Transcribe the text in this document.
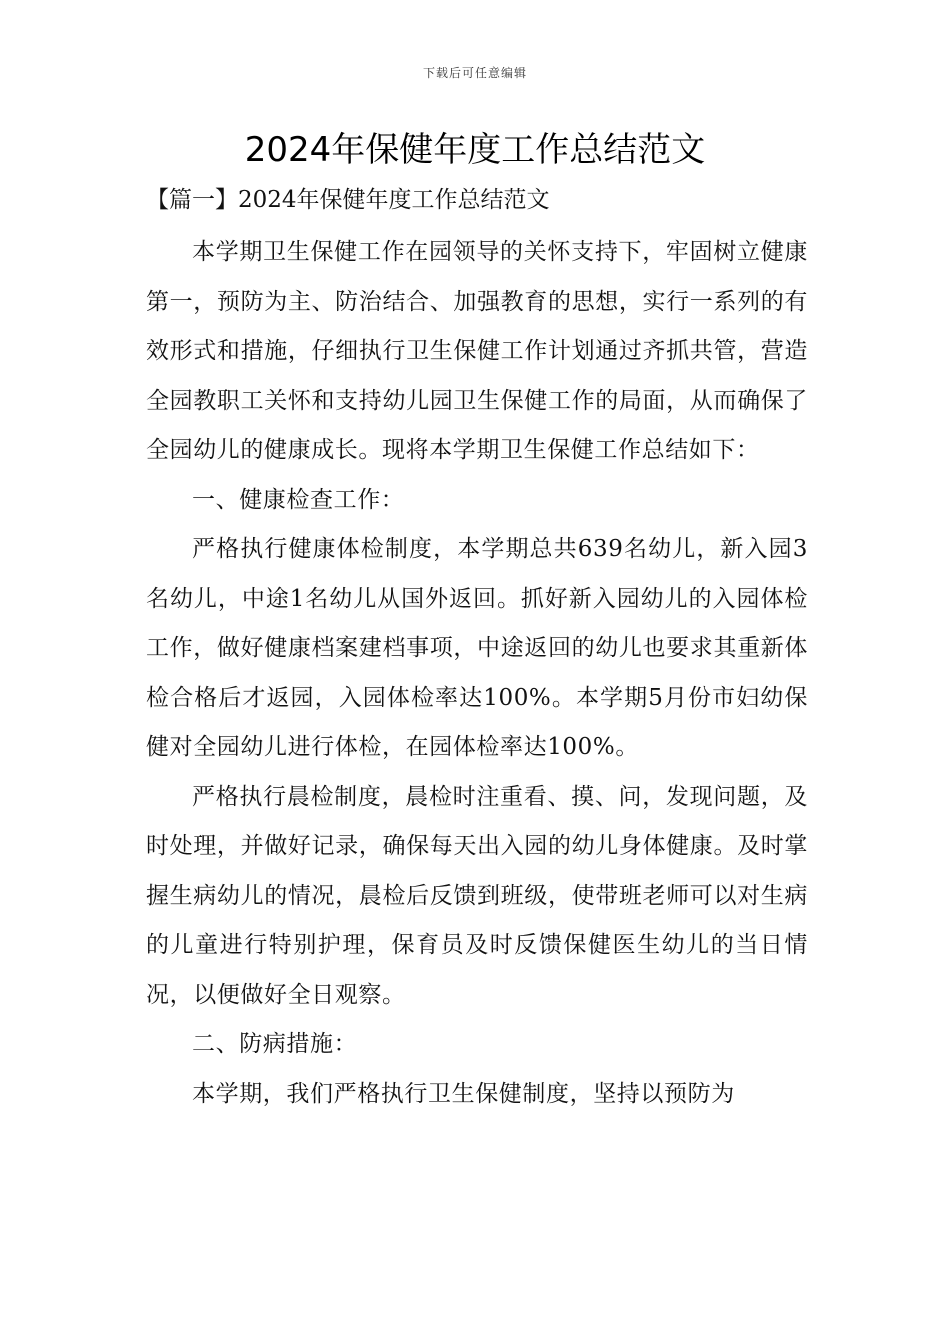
下载后可任意编辑
2024年保健年度工作总结范文
【篇一】2024年保健年度工作总结范文

本学期卫生保健工作在园领导的关怀支持下，牢固树立健康第一，预防为主、防治结合、加强教育的思想，实行一系列的有效形式和措施，仔细执行卫生保健工作计划通过齐抓共管，营造全园教职工关怀和支持幼儿园卫生保健工作的局面，从而确保了全园幼儿的健康成长。现将本学期卫生保健工作总结如下：

一、健康检查工作：

严格执行健康体检制度，本学期总共639名幼儿，新入园3名幼儿，中途1名幼儿从国外返回。抓好新入园幼儿的入园体检工作，做好健康档案建档事项，中途返回的幼儿也要求其重新体检合格后才返园，入园体检率达100%。本学期5月份市妇幼保健对全园幼儿进行体检，在园体检率达100%。

严格执行晨检制度，晨检时注重看、摸、问，发现问题，及时处理，并做好记录，确保每天出入园的幼儿身体健康。及时掌握生病幼儿的情况，晨检后反馈到班级，使带班老师可以对生病的儿童进行特别护理，保育员及时反馈保健医生幼儿的当日情况，以便做好全日观察。

二、防病措施：

本学期，我们严格执行卫生保健制度，坚持以预防为
